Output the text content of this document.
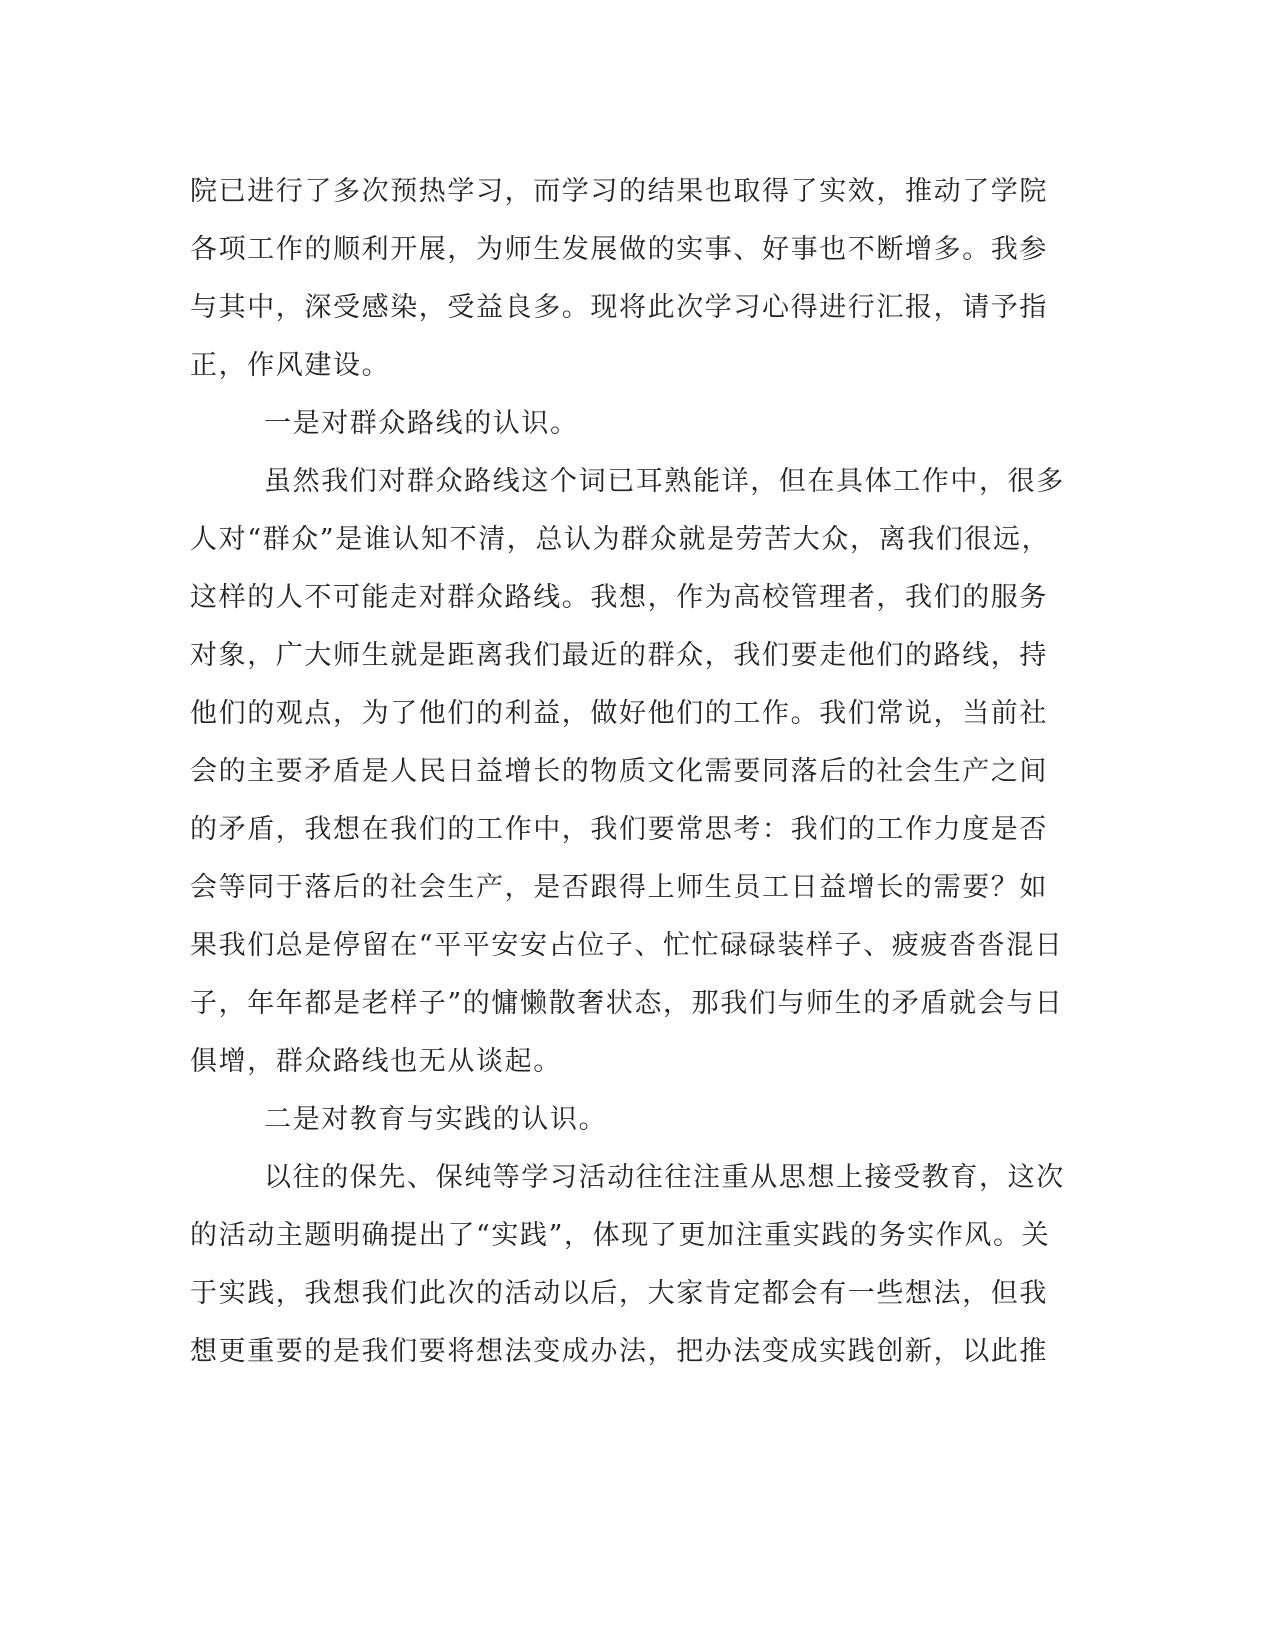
院已进行了多次预热学习，而学习的结果也取得了实效，推动了学院
各项工作的顺利开展，为师生发展做的实事、好事也不断增多。我参
与其中，深受感染，受益良多。现将此次学习心得进行汇报，请予指
正，作风建设。
一是对群众路线的认识。
虽然我们对群众路线这个词已耳熟能详，但在具体工作中，很多
人对“群众”是谁认知不清，总认为群众就是劳苦大众，离我们很远，
这样的人不可能走对群众路线。我想，作为高校管理者，我们的服务
对象，广大师生就是距离我们最近的群众，我们要走他们的路线，持
他们的观点，为了他们的利益，做好他们的工作。我们常说，当前社
会的主要矛盾是人民日益增长的物质文化需要同落后的社会生产之间
的矛盾，我想在我们的工作中，我们要常思考：我们的工作力度是否
会等同于落后的社会生产，是否跟得上师生员工日益增长的需要？如
果我们总是停留在“平平安安占位子、忙忙碌碌装样子、疲疲沓沓混日
子，年年都是老样子”的慵懒散奢状态，那我们与师生的矛盾就会与日
俱增，群众路线也无从谈起。
二是对教育与实践的认识。
以往的保先、保纯等学习活动往往注重从思想上接受教育，这次
的活动主题明确提出了“实践”，体现了更加注重实践的务实作风。关
于实践，我想我们此次的活动以后，大家肯定都会有一些想法，但我
想更重要的是我们要将想法变成办法，把办法变成实践创新，以此推
